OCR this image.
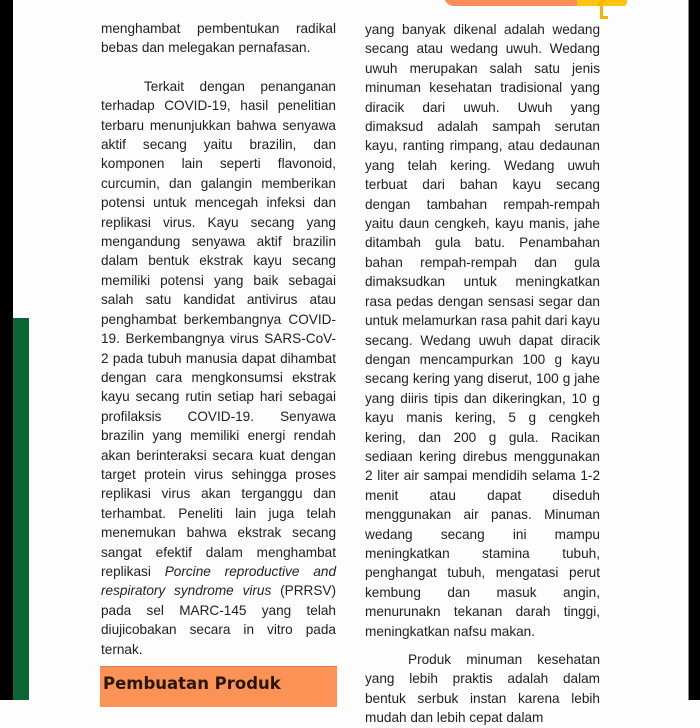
menghambat pembentukan radikal bebas dan melegakan pernafasan.

Terkait dengan penanganan terhadap COVID-19, hasil penelitian terbaru menunjukkan bahwa senyawa aktif secang yaitu brazilin, dan komponen lain seperti flavonoid, curcumin, dan galangin memberikan potensi untuk mencegah infeksi dan replikasi virus. Kayu secang yang mengandung senyawa aktif brazilin dalam bentuk ekstrak kayu secang memiliki potensi yang baik sebagai salah satu kandidat antivirus atau penghambat berkembangnya COVID-19. Berkembangnya virus SARS-CoV-2 pada tubuh manusia dapat dihambat dengan cara mengkonsumsi ekstrak kayu secang rutin setiap hari sebagai profilaksis COVID-19. Senyawa brazilin yang memiliki energi rendah akan berinteraksi secara kuat dengan target protein virus sehingga proses replikasi virus akan terganggu dan terhambat. Peneliti lain juga telah menemukan bahwa ekstrak secang sangat efektif dalam menghambat replikasi Porcine reproductive and respiratory syndrome virus (PRRSV) pada sel MARC-145 yang telah diujicobakan secara in vitro pada ternak.

Pembuatan Produk

yang banyak dikenal adalah wedang secang atau wedang uwuh. Wedang uwuh merupakan salah satu jenis minuman kesehatan tradisional yang diracik dari uwuh. Uwuh yang dimaksud adalah sampah serutan kayu, ranting rimpang, atau dedaunan yang telah kering. Wedang uwuh terbuat dari bahan kayu secang dengan tambahan rempah-rempah yaitu daun cengkeh, kayu manis, jahe ditambah gula batu. Penambahan bahan rempah-rempah dan gula dimaksudkan untuk meningkatkan rasa pedas dengan sensasi segar dan untuk melamurkan rasa pahit dari kayu secang. Wedang uwuh dapat diracik dengan mencampurkan 100 g kayu secang kering yang diserut, 100 g jahe yang diiris tipis dan dikeringkan, 10 g kayu manis kering, 5 g cengkeh kering, dan 200 g gula. Racikan sediaan kering direbus menggunakan 2 liter air sampai mendidih selama 1-2 menit atau dapat diseduh menggunakan air panas. Minuman wedang secang ini mampu meningkatkan stamina tubuh, penghangat tubuh, mengatasi perut kembung dan masuk angin, menurunakn tekanan darah tinggi, meningkatkan nafsu makan.

Produk minuman kesehatan yang lebih praktis adalah dalam bentuk serbuk instan karena lebih mudah dan lebih cepat dalam
